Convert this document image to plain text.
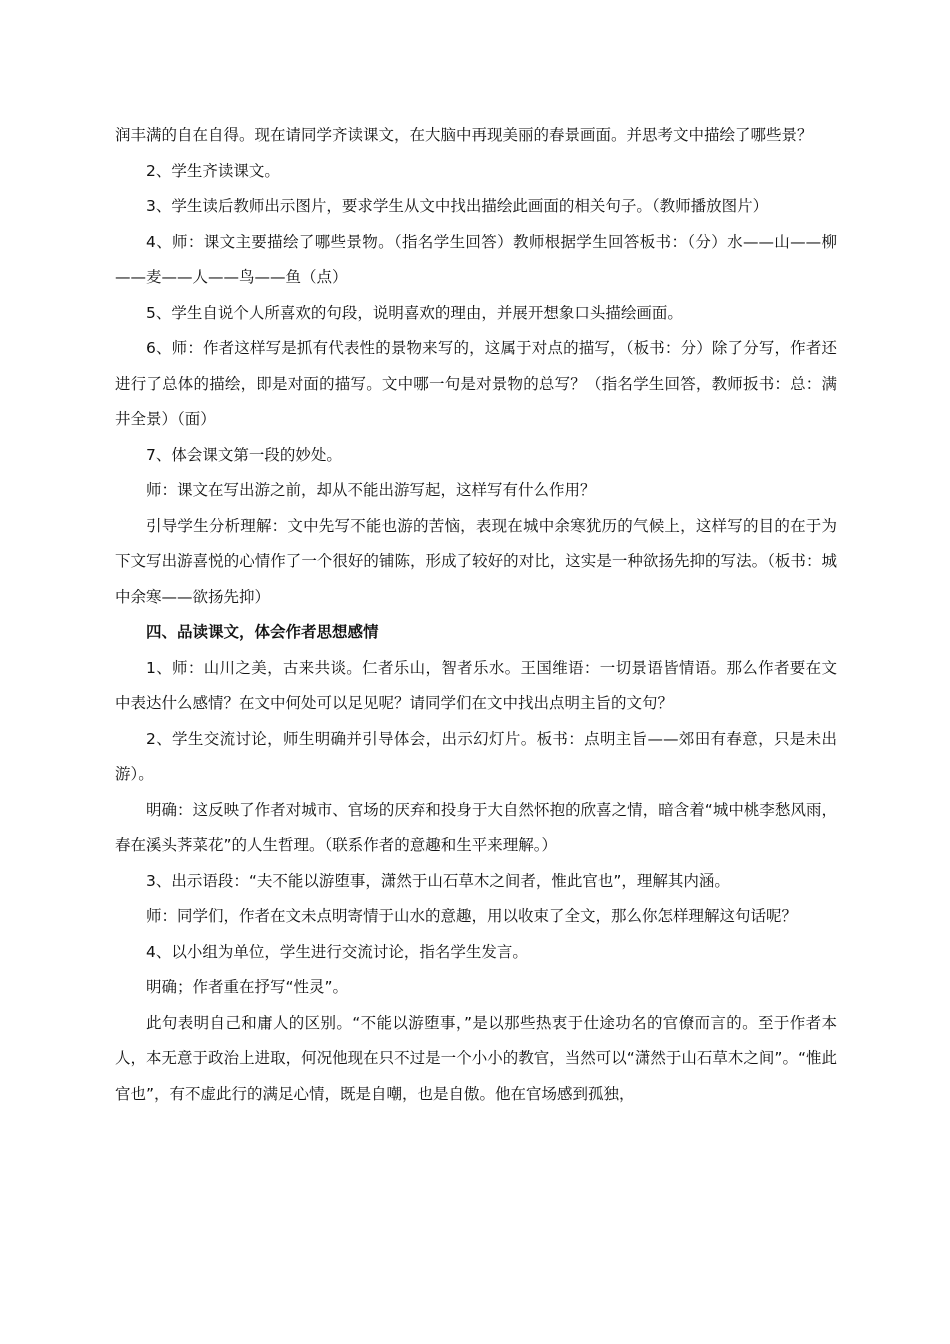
润丰满的自在自得。现在请同学齐读课文，在大脑中再现美丽的春景画面。并思考文中描绘了哪些景？

2、学生齐读课文。

3、学生读后教师出示图片，要求学生从文中找出描绘此画面的相关句子。（教师播放图片）

4、师：课文主要描绘了哪些景物。（指名学生回答）教师根据学生回答板书：（分）水——山——柳——麦——人——鸟——鱼（点）

5、学生自说个人所喜欢的句段，说明喜欢的理由，并展开想象口头描绘画面。

6、师：作者这样写是抓有代表性的景物来写的，这属于对点的描写，（板书：分）除了分写，作者还进行了总体的描绘，即是对面的描写。文中哪一句是对景物的总写？（指名学生回答，教师扳书：总：满井全景）（面）

7、体会课文第一段的妙处。

师：课文在写出游之前，却从不能出游写起，这样写有什么作用？

引导学生分析理解：文中先写不能也游的苦恼，表现在城中余寒犹历的气候上，这样写的目的在于为下文写出游喜悦的心情作了一个很好的铺陈，形成了较好的对比，这实是一种欲扬先抑的写法。（板书：城中余寒——欲扬先抑）

四、品读课文，体会作者思想感情

1、师：山川之美，古来共谈。仁者乐山，智者乐水。王国维语：一切景语皆情语。那么作者要在文中表达什么感情？在文中何处可以足见呢？请同学们在文中找出点明主旨的文句？

2、学生交流讨论，师生明确并引导体会，出示幻灯片。板书：点明主旨——郊田有春意，只是未出游）。

明确：这反映了作者对城市、官场的厌弃和投身于大自然怀抱的欣喜之情，暗含着“城中桃李愁风雨，春在溪头荠菜花”的人生哲理。（联系作者的意趣和生平来理解。）

3、出示语段：“夫不能以游堕事，潇然于山石草木之间者，惟此官也”，理解其内涵。

师：同学们，作者在文未点明寄情于山水的意趣，用以收束了全文，那么你怎样理解这句话呢？

4、以小组为单位，学生进行交流讨论，指名学生发言。

明确；作者重在抒写“性灵”。

此句表明自己和庸人的区别。“不能以游堕事，”是以那些热衷于仕途功名的官僚而言的。至于作者本人，本无意于政治上进取，何况他现在只不过是一个小小的教官，当然可以“潇然于山石草木之间”。“惟此官也”，有不虚此行的满足心情，既是自嘲，也是自傲。他在官场感到孤独，
